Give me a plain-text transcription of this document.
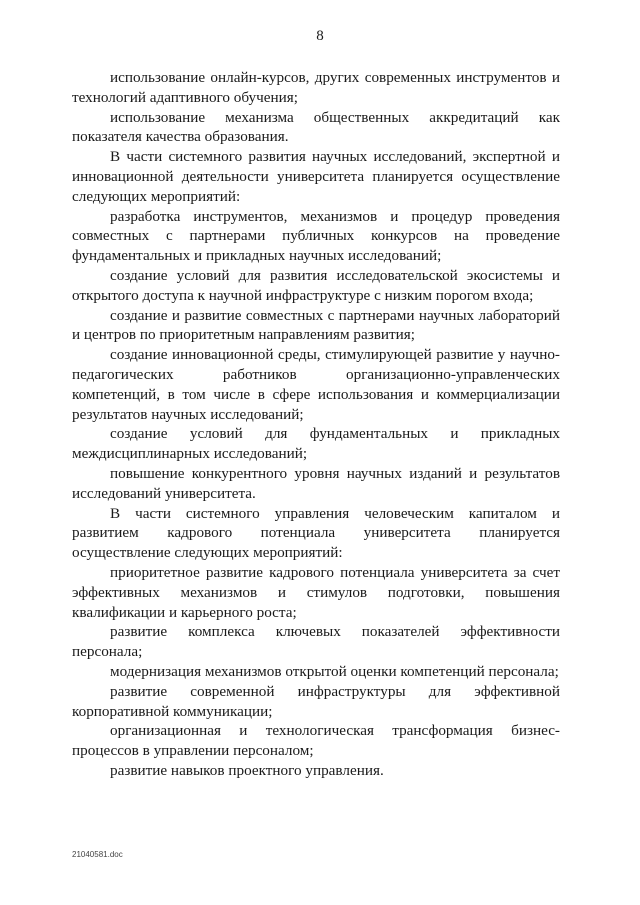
8

использование онлайн-курсов, других современных инструментов и технологий адаптивного обучения;

использование механизма общественных аккредитаций как показателя качества образования.

В части системного развития научных исследований, экспертной и инновационной деятельности университета планируется осуществление следующих мероприятий:

разработка инструментов, механизмов и процедур проведения совместных с партнерами публичных конкурсов на проведение фундаментальных и прикладных научных исследований;

создание условий для развития исследовательской экосистемы и открытого доступа к научной инфраструктуре с низким порогом входа;

создание и развитие совместных с партнерами научных лабораторий и центров по приоритетным направлениям развития;

создание инновационной среды, стимулирующей развитие у научно-педагогических работников организационно-управленческих компетенций, в том числе в сфере использования и коммерциализации результатов научных исследований;

создание условий для фундаментальных и прикладных междисциплинарных исследований;

повышение конкурентного уровня научных изданий и результатов исследований университета.

В части системного управления человеческим капиталом и развитием кадрового потенциала университета планируется осуществление следующих мероприятий:

приоритетное развитие кадрового потенциала университета за счет эффективных механизмов и стимулов подготовки, повышения квалификации и карьерного роста;

развитие комплекса ключевых показателей эффективности персонала;

модернизация механизмов открытой оценки компетенций персонала;

развитие современной инфраструктуры для эффективной корпоративной коммуникации;

организационная и технологическая трансформация бизнес-процессов в управлении персоналом;

развитие навыков проектного управления.

21040581.doc
